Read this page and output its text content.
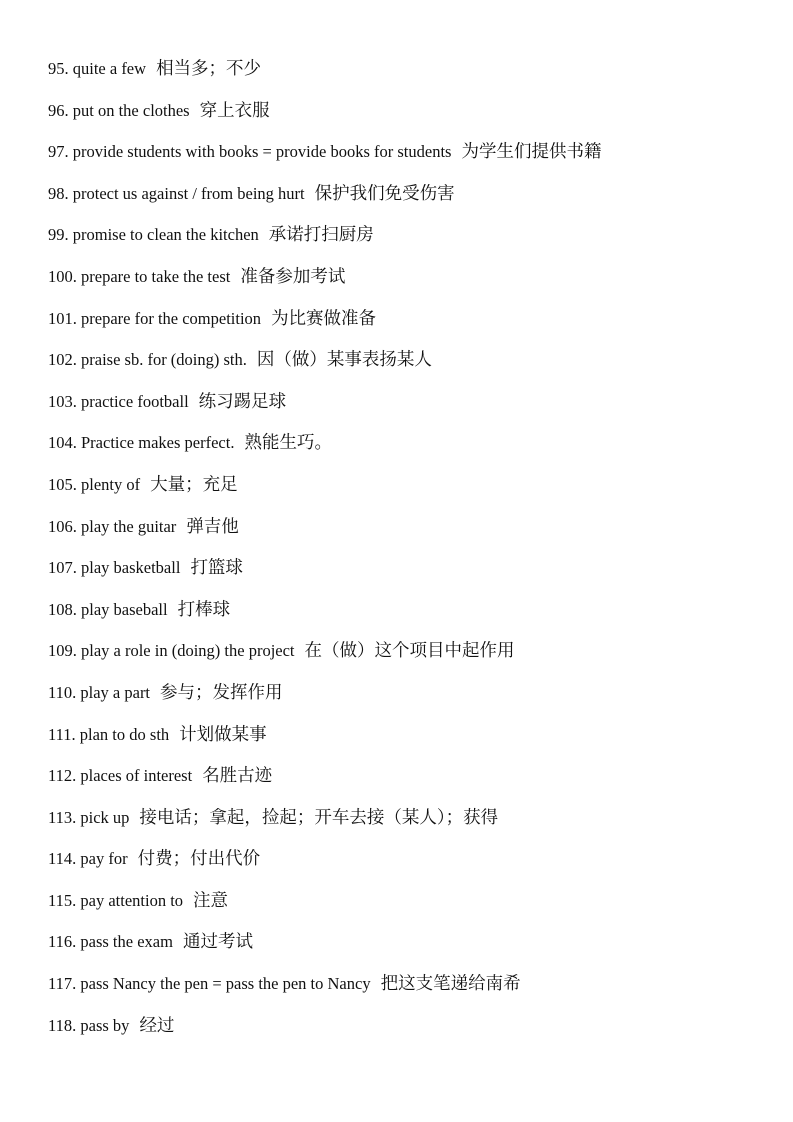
95. quite a few 相当多；不少
96. put on the clothes 穿上衣服
97. provide students with books = provide books for students 为学生们提供书籍
98. protect us against / from being hurt 保护我们免受伤害
99. promise to clean the kitchen 承诺打扫厨房
100. prepare to take the test 准备参加考试
101. prepare for the competition 为比赛做准备
102. praise sb. for (doing) sth. 因（做）某事表扬某人
103. practice football 练习踢足球
104. Practice makes perfect. 熟能生巧。
105. plenty of 大量；充足
106. play the guitar 弹吉他
107. play basketball 打篮球
108. play baseball 打棒球
109. play a role in (doing) the project 在（做）这个项目中起作用
110. play a part 参与；发挥作用
111. plan to do sth 计划做某事
112. places of interest 名胜古迹
113. pick up 接电话；拿起，捡起；开车去接（某人）；获得
114. pay for 付费；付出代价
115. pay attention to 注意
116. pass the exam 通过考试
117. pass Nancy the pen = pass the pen to Nancy 把这支笔递给南希
118. pass by 经过
